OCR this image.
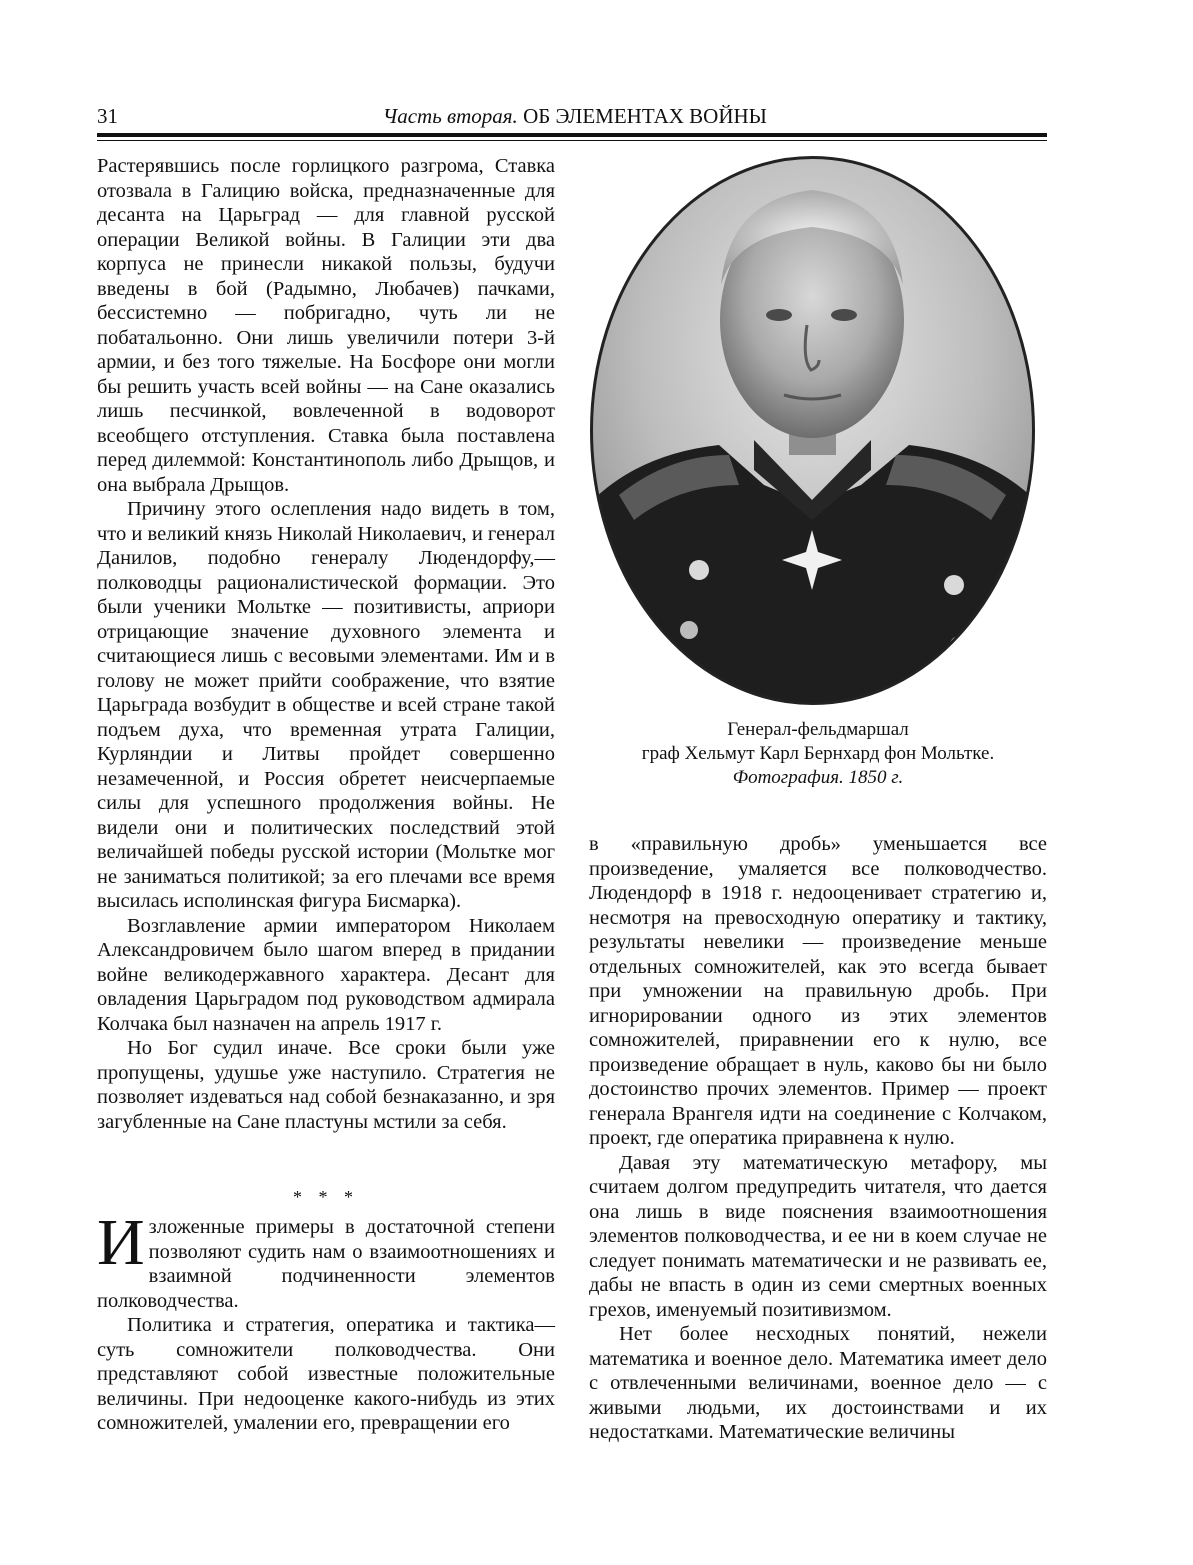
31	Часть вторая. ОБ ЭЛЕМЕНТАХ ВОЙНЫ

Растерявшись после горлицкого разгрома, Ставка отозвала в Галицию войска, предназначенные для десанта на Царьград — для главной русской операции Великой войны. В Галиции эти два корпуса не принесли никакой пользы, будучи введены в бой (Радымно, Любачев) пачками, бессистемно — побригадно, чуть ли не побатальонно. Они лишь увеличили потери 3-й армии, и без того тяжелые. На Босфоре они могли бы решить участь всей войны — на Сане оказались лишь песчинкой, вовлеченной в водоворот всеобщего отступления. Ставка была поставлена перед дилеммой: Константинополь либо Дрыщов, и она выбрала Дрыщов.

Причину этого ослепления надо видеть в том, что и великий князь Николай Николаевич, и генерал Данилов, подобно генералу Людендорфу,— полководцы рационалистической формации. Это были ученики Мольтке — позитивисты, априори отрицающие значение духовного элемента и считающиеся лишь с весовыми элементами. Им и в голову не может прийти соображение, что взятие Царьграда возбудит в обществе и всей стране такой подъем духа, что временная утрата Галиции, Курляндии и Литвы пройдет совершенно незамеченной, и Россия обретет неисчерпаемые силы для успешного продолжения войны. Не видели они и политических последствий этой величайшей победы русской истории (Мольтке мог не заниматься политикой; за его плечами все время высилась исполинская фигура Бисмарка).

Возглавление армии императором Николаем Александровичем было шагом вперед в придании войне великодержавного характера. Десант для овладения Царьградом под руководством адмирала Колчака был назначен на апрель 1917 г.

Но Бог судил иначе. Все сроки были уже пропущены, удушье уже наступило. Стратегия не позволяет издеваться над собой безнаказанно, и зря загубленные на Сане пластуны мстили за себя.

* * *

Изложенные примеры в достаточной степени позволяют судить нам о взаимоотношениях и взаимной подчиненности элементов полководчества.

Политика и стратегия, оператика и тактика— суть сомножители полководчества. Они представляют собой известные положительные величины. При недооценке какого-нибудь из этих сомножителей, умалении его, превращении его

Генерал-фельдмаршал
граф Хельмут Карл Бернхард фон Мольтке.
Фотография. 1850 г.

в «правильную дробь» уменьшается все произведение, умаляется все полководчество. Людендорф в 1918 г. недооценивает стратегию и, несмотря на превосходную оператику и тактику, результаты невелики — произведение меньше отдельных сомножителей, как это всегда бывает при умножении на правильную дробь. При игнорировании одного из этих элементов сомножителей, приравнении его к нулю, все произведение обращает в нуль, каково бы ни было достоинство прочих элементов. Пример — проект генерала Врангеля идти на соединение с Колчаком, проект, где оператика приравнена к нулю.

Давая эту математическую метафору, мы считаем долгом предупредить читателя, что дается она лишь в виде пояснения взаимоотношения элементов полководчества, и ее ни в коем случае не следует понимать математически и не развивать ее, дабы не впасть в один из семи смертных военных грехов, именуемый позитивизмом.

Нет более несходных понятий, нежели математика и военное дело. Математика имеет дело с отвлеченными величинами, военное дело — с живыми людьми, их достоинствами и их недостатками. Математические величины
